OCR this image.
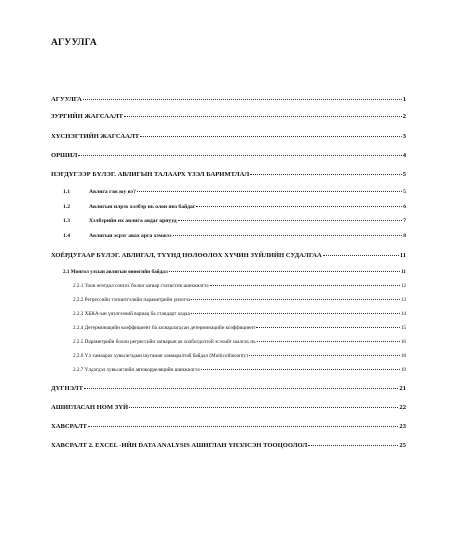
АГУУЛГА
АГУУЛГА	1
ЗУРГИЙН ЖАГСААЛТ	2
ХҮСНЭГТИЙН ЖАГСААЛТ	3
ОРШИЛ	4
НЭГДҮГЭЭР БҮЛЭГ. АВЛИГЫН ТАЛААРХ ҮЗЭЛ БАРИМТЛАЛ	5
1.1	Авлига гэж юу вэ?	5
1.2	Авлигын илрэх хэлбэр нь олон янз байдаг	6
1.3	Хэлбэрийн их авлига авдаг орнууд	7
1.4	Авлигын эсрэг авах арга хэмжээ	8
ХОЁРДУГААР БҮЛЭГ. АВЛИГАЛ, ТҮҮНД НӨЛӨӨЛӨХ ХҮЧИН ЗҮЙЛИЙН СУДАЛГАА	11
2.1 Монгол улсын авлигын өнөөгийн байдал	11
2.2.1 Тоон өгөгдөл сонгох болон загвар статистик шинжилгээ	12
2.2.2 Регрессийн тэгшитгэлийн параметрийн үнэлгээ	13
2.2.3 ХБКА-ын үнэлгээний вариац ба стандарт алдаа	14
2.2.4 Детерминацийн коэффициент ба засварлагдсан детерминацийн коэффициент	15
2.2.5 Параметрийн болон регрессийн загварын ач холбогдолтой эсэхийг шалгах нь	16
2.2.6 Үл хамаарах хувьсагчдын шугаман хамааралтай байдал (Multicollinearity)	18
2.2.7 Үлдэгдэл хувьсагчийн автокорреляцийн шинжилгээ	19
ДҮГНЭЛТ	21
АШИГЛАСАН НОМ ЗҮЙ	22
ХАВСРАЛТ	23
ХАВСРАЛТ 2. EXCEL -ИЙН DATA ANALYSIS АШИГЛАН ҮНЭЛСЭН ТООЦООЛОЛ	25
